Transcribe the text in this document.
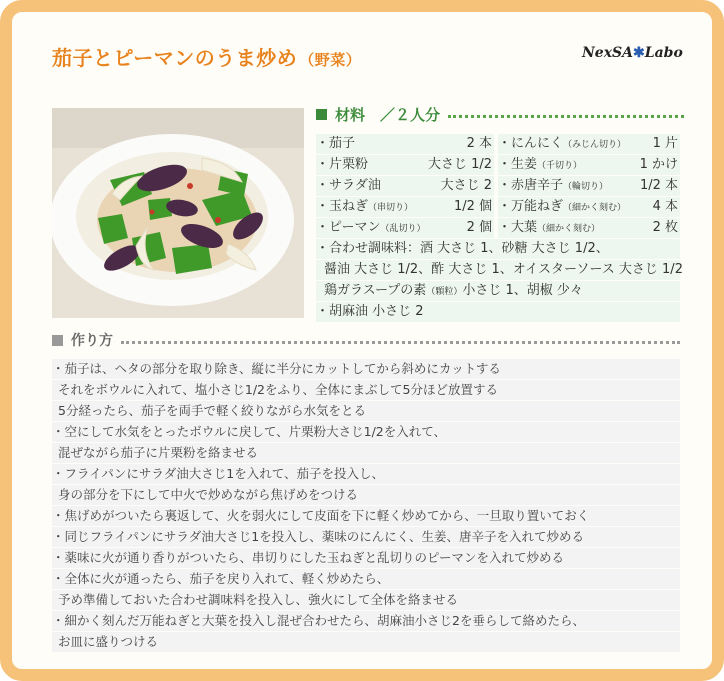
茄子とピーマンのうま炒め （野菜）	NexSA✱Labo
材料　／２人分
・茄子	2 本
・片栗粉	大さじ 1/2
・サラダ油	大さじ 2
・玉ねぎ（串切り）	1/2 個
・ピーマン（乱切り）	2 個
・にんにく（みじん切り） 1 片
・生姜（千切り）	1 かけ
・赤唐辛子（輪切り） 1/2 本
・万能ねぎ（細かく刻む） 4 本
・大葉（細かく刻む）	2 枚
・合わせ調味料：酒 大さじ 1、砂糖 大さじ 1/2、
醤油 大さじ 1/2、酢 大さじ 1、オイスターソース 大さじ 1/2
鶏ガラスープの素（顆粒）小さじ 1、胡椒 少々
・胡麻油 小さじ 2
作り方
・茄子は、ヘタの部分を取り除き、縦に半分にカットしてから斜めにカットする
それをボウルに入れて、塩小さじ1/2をふり、全体にまぶして5分ほど放置する
5分経ったら、茄子を両手で軽く絞りながら水気をとる
・空にして水気をとったボウルに戻して、片栗粉大さじ1/2を入れて、
混ぜながら茄子に片栗粉を絡ませる
・フライパンにサラダ油大さじ1を入れて、茄子を投入し、
身の部分を下にして中火で炒めながら焦げめをつける
・焦げめがついたら裏返して、火を弱火にして皮面を下に軽く炒めてから、一旦取り置いておく
・同じフライパンにサラダ油大さじ1を投入し、薬味のにんにく、生姜、唐辛子を入れて炒める
・薬味に火が通り香りがついたら、串切りにした玉ねぎと乱切りのピーマンを入れて炒める
・全体に火が通ったら、茄子を戻り入れて、軽く炒めたら、
予め準備しておいた合わせ調味料を投入し、強火にして全体を絡ませる
・細かく刻んだ万能ねぎと大葉を投入し混ぜ合わせたら、胡麻油小さじ2を垂らして絡めたら、
お皿に盛りつける
